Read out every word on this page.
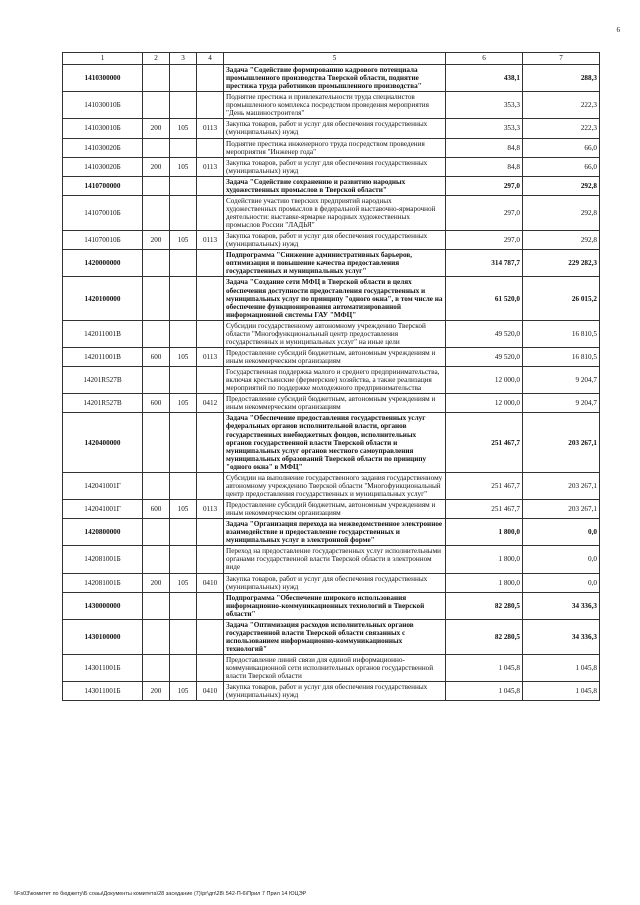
6
1	2	3	4	5	6	7
1410300000				Задача "Содействие формированию кадрового потенциала промышленного производства Тверской области, поднятие престижа труда работников промышленного производства"	438,1	288,3
141030010Б				Поднятие престижа и привлекательности труда специалистов промышленного комплекса посредством проведения мероприятия "День машиностроителя"	353,3	222,3
141030010Б	200	105	0113	Закупка товаров, работ и услуг для обеспечения государственных (муниципальных) нужд	353,3	222,3
141030020Б				Поднятие престижа инженерного труда посредством проведения мероприятия "Инженер года"	84,8	66,0
141030020Б	200	105	0113	Закупка товаров, работ и услуг для обеспечения государственных (муниципальных) нужд	84,8	66,0
1410700000				Задача "Содействие сохранению и развитию народных художественных промыслов в Тверской области"	297,0	292,8
141070010Б				Содействие участию тверских предприятий народных художественных промыслов в федеральной выставочно-ярмарочной деятельности: выставке-ярмарке народных художественных промыслов России "ЛАДЬЯ"	297,0	292,8
141070010Б	200	105	0113	Закупка товаров, работ и услуг для обеспечения государственных (муниципальных) нужд	297,0	292,8
1420000000				Подпрограмма "Снижение административных барьеров, оптимизация и повышение качества предоставления государственных и муниципальных услуг"	314 787,7	229 282,3
1420100000				Задача "Создание сети МФЦ в Тверской области в целях обеспечения доступности предоставления государственных и муниципальных услуг по принципу "одного окна", в том числе на обеспечение функционирования автоматизированной информационной системы ГАУ "МФЦ"	61 520,0	26 015,2
142011001В				Субсидии государственному автономному учреждению Тверской области "Многофункциональный центр предоставления государственных и муниципальных услуг" на иные цели	49 520,0	16 810,5
142011001В	600	105	0113	Предоставление субсидий бюджетным, автономным учреждениям и иным некоммерческим организациям	49 520,0	16 810,5
14201R527В				Государственная поддержка малого и среднего предпринимательства, включая крестьянские (фермерские) хозяйства, а также реализация мероприятий по поддержке молодежного предпринимательства	12 000,0	9 204,7
14201R527В	600	105	0412	Предоставление субсидий бюджетным, автономным учреждениям и иным некоммерческим организациям	12 000,0	9 204,7
1420400000				Задача "Обеспечение предоставления государственных услуг федеральных органов исполнительной власти, органов государственных внебюджетных фондов, исполнительных органов государственной власти Тверской области и муниципальных услуг органов местного самоуправления муниципальных образований Тверской области по принципу "одного окна" в МФЦ"	251 467,7	203 267,1
142041001Г				Субсидии на выполнение государственного задания государственному автономному учреждению Тверской области "Многофункциональный центр предоставления государственных и муниципальных услуг"	251 467,7	203 267,1
142041001Г	600	105	0113	Предоставление субсидий бюджетным, автономным учреждениям и иным некоммерческим организациям	251 467,7	203 267,1
1420800000				Задача "Организация перехода на межведомственное электронное взаимодействие и предоставление государственных и муниципальных услуг в электронной форме"	1 800,0	0,0
142081001Б				Переход на предоставление государственных услуг исполнительными органами государственной власти Тверской области в электронном виде	1 800,0	0,0
142081001Б	200	105	0410	Закупка товаров, работ и услуг для обеспечения государственных (муниципальных) нужд	1 800,0	0,0
1430000000				Подпрограмма "Обеспечение широкого использования информационно-коммуникационных технологий в Тверской области"	82 280,5	34 336,3
1430100000				Задача "Оптимизация расходов исполнительных органов государственной власти Тверской области связанных с использованием информационно-коммуникационных технологий"	82 280,5	34 336,3
143011001Б				Предоставление линий связи для единой информационно-коммуникационной сети исполнительных органов государственной власти Тверской области	1 045,8	1 045,8
143011001Б	200	105	0410	Закупка товаров, работ и услуг для обеспечения государственных (муниципальных) нужд	1 045,8	1 045,8
\\Fs03\комитет по бюджету\Б соаы\Документы комитета\28 заседание (7)\рг\дп\28\ 542-П-6\Прил 7 Прил 14 ЮЦЭР
